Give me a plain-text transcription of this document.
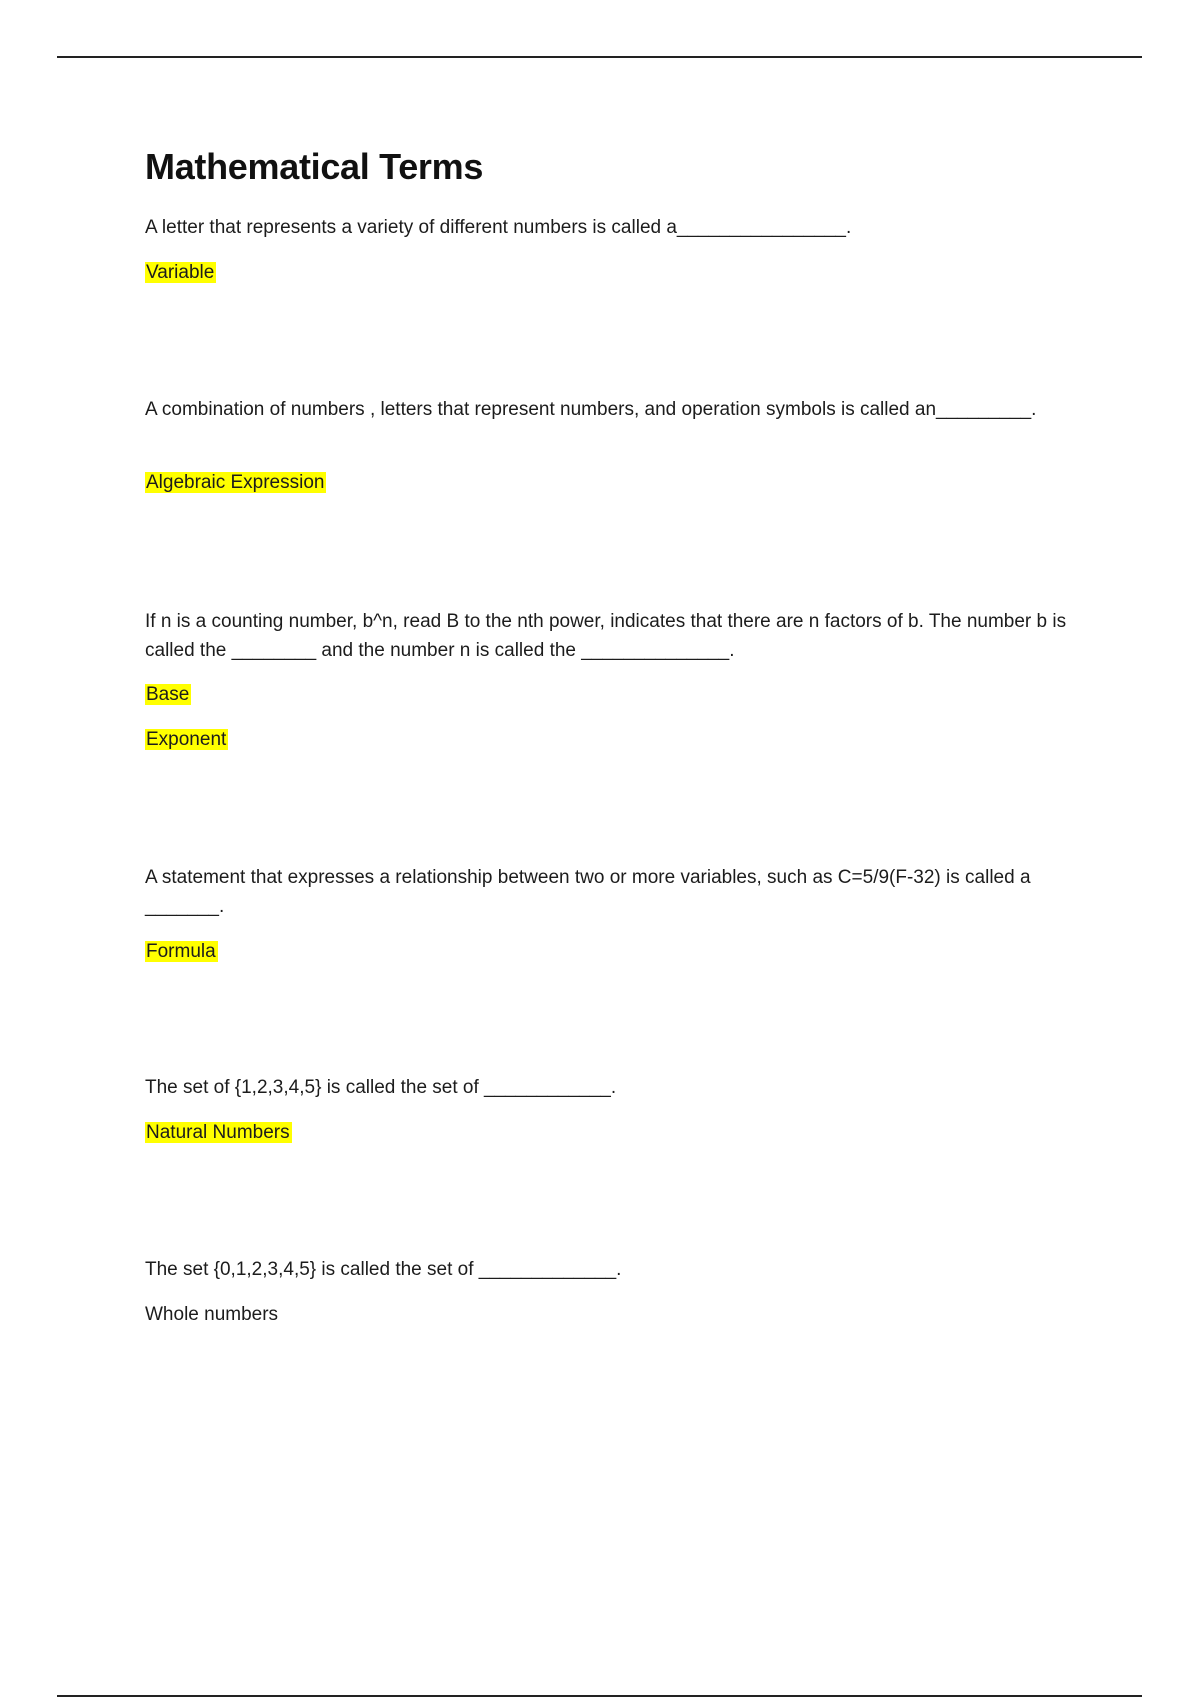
Mathematical Terms

A letter that represents a variety of different numbers is called a________________.

Variable

A combination of numbers , letters that represent numbers, and operation symbols is called an_________.

Algebraic Expression

If n is a counting number, b^n, read B to the nth power, indicates that there are n factors of b. The number b is called the ________ and the number n is called the ______________.

Base

Exponent

A statement that expresses a relationship between two or more variables, such as C=5/9(F-32) is called a _______.

Formula

The set of {1,2,3,4,5} is called the set of ____________.

Natural Numbers

The set {0,1,2,3,4,5} is called the set of _____________.

Whole numbers
